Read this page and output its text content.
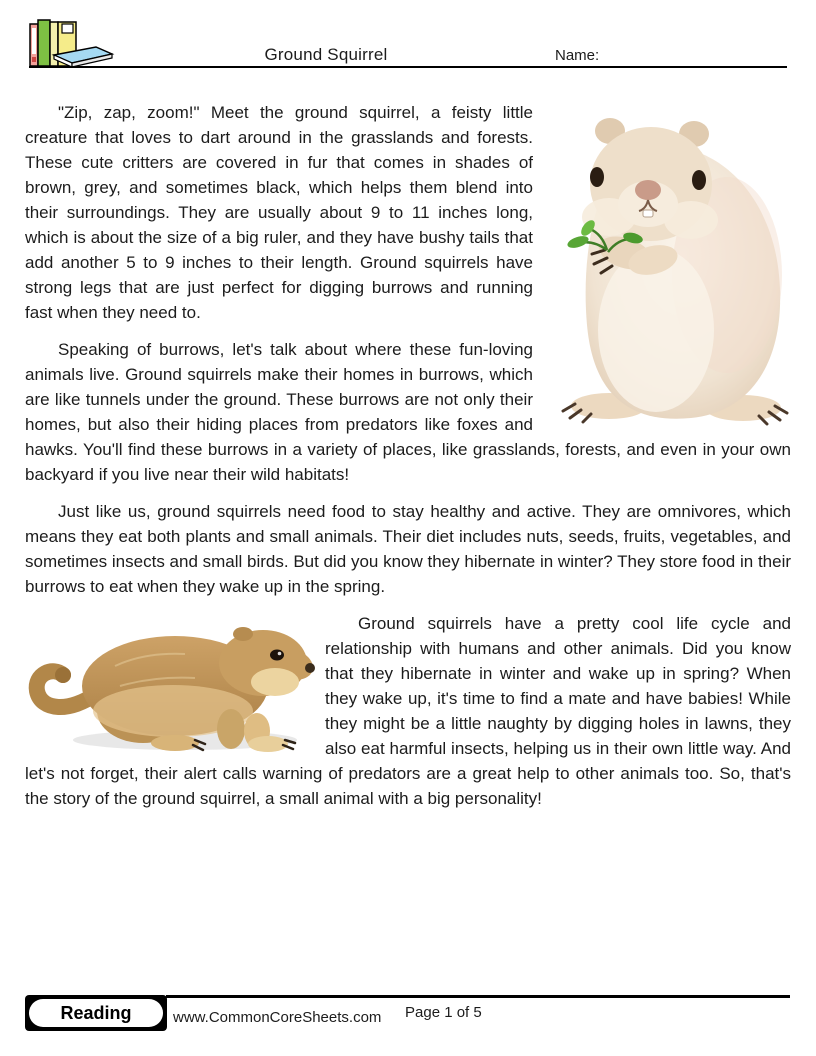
Ground Squirrel	Name:

"Zip, zap, zoom!" Meet the ground squirrel, a feisty little creature that loves to dart around in the grasslands and forests. These cute critters are covered in fur that comes in shades of brown, grey, and sometimes black, which helps them blend into their surroundings. They are usually about 9 to 11 inches long, which is about the size of a big ruler, and they have bushy tails that add another 5 to 9 inches to their length. Ground squirrels have strong legs that are just perfect for digging burrows and running fast when they need to.

Speaking of burrows, let's talk about where these fun-loving animals live. Ground squirrels make their homes in burrows, which are like tunnels under the ground. These burrows are not only their homes, but also their hiding places from predators like foxes and hawks. You'll find these burrows in a variety of places, like grasslands, forests, and even in your own backyard if you live near their wild habitats!

Just like us, ground squirrels need food to stay healthy and active. They are omnivores, which means they eat both plants and small animals. Their diet includes nuts, seeds, fruits, vegetables, and sometimes insects and small birds. But did you know they hibernate in winter? They store food in their burrows to eat when they wake up in the spring.

Ground squirrels have a pretty cool life cycle and relationship with humans and other animals. Did you know that they hibernate in winter and wake up in spring? When they wake up, it's time to find a mate and have babies! While they might be a little naughty by digging holes in lawns, they also eat harmful insects, helping us in their own little way. And let's not forget, their alert calls warning of predators are a great help to other animals too. So, that's the story of the ground squirrel, a small animal with a big personality!

Reading	www.CommonCoreSheets.com Page 1 of 5
